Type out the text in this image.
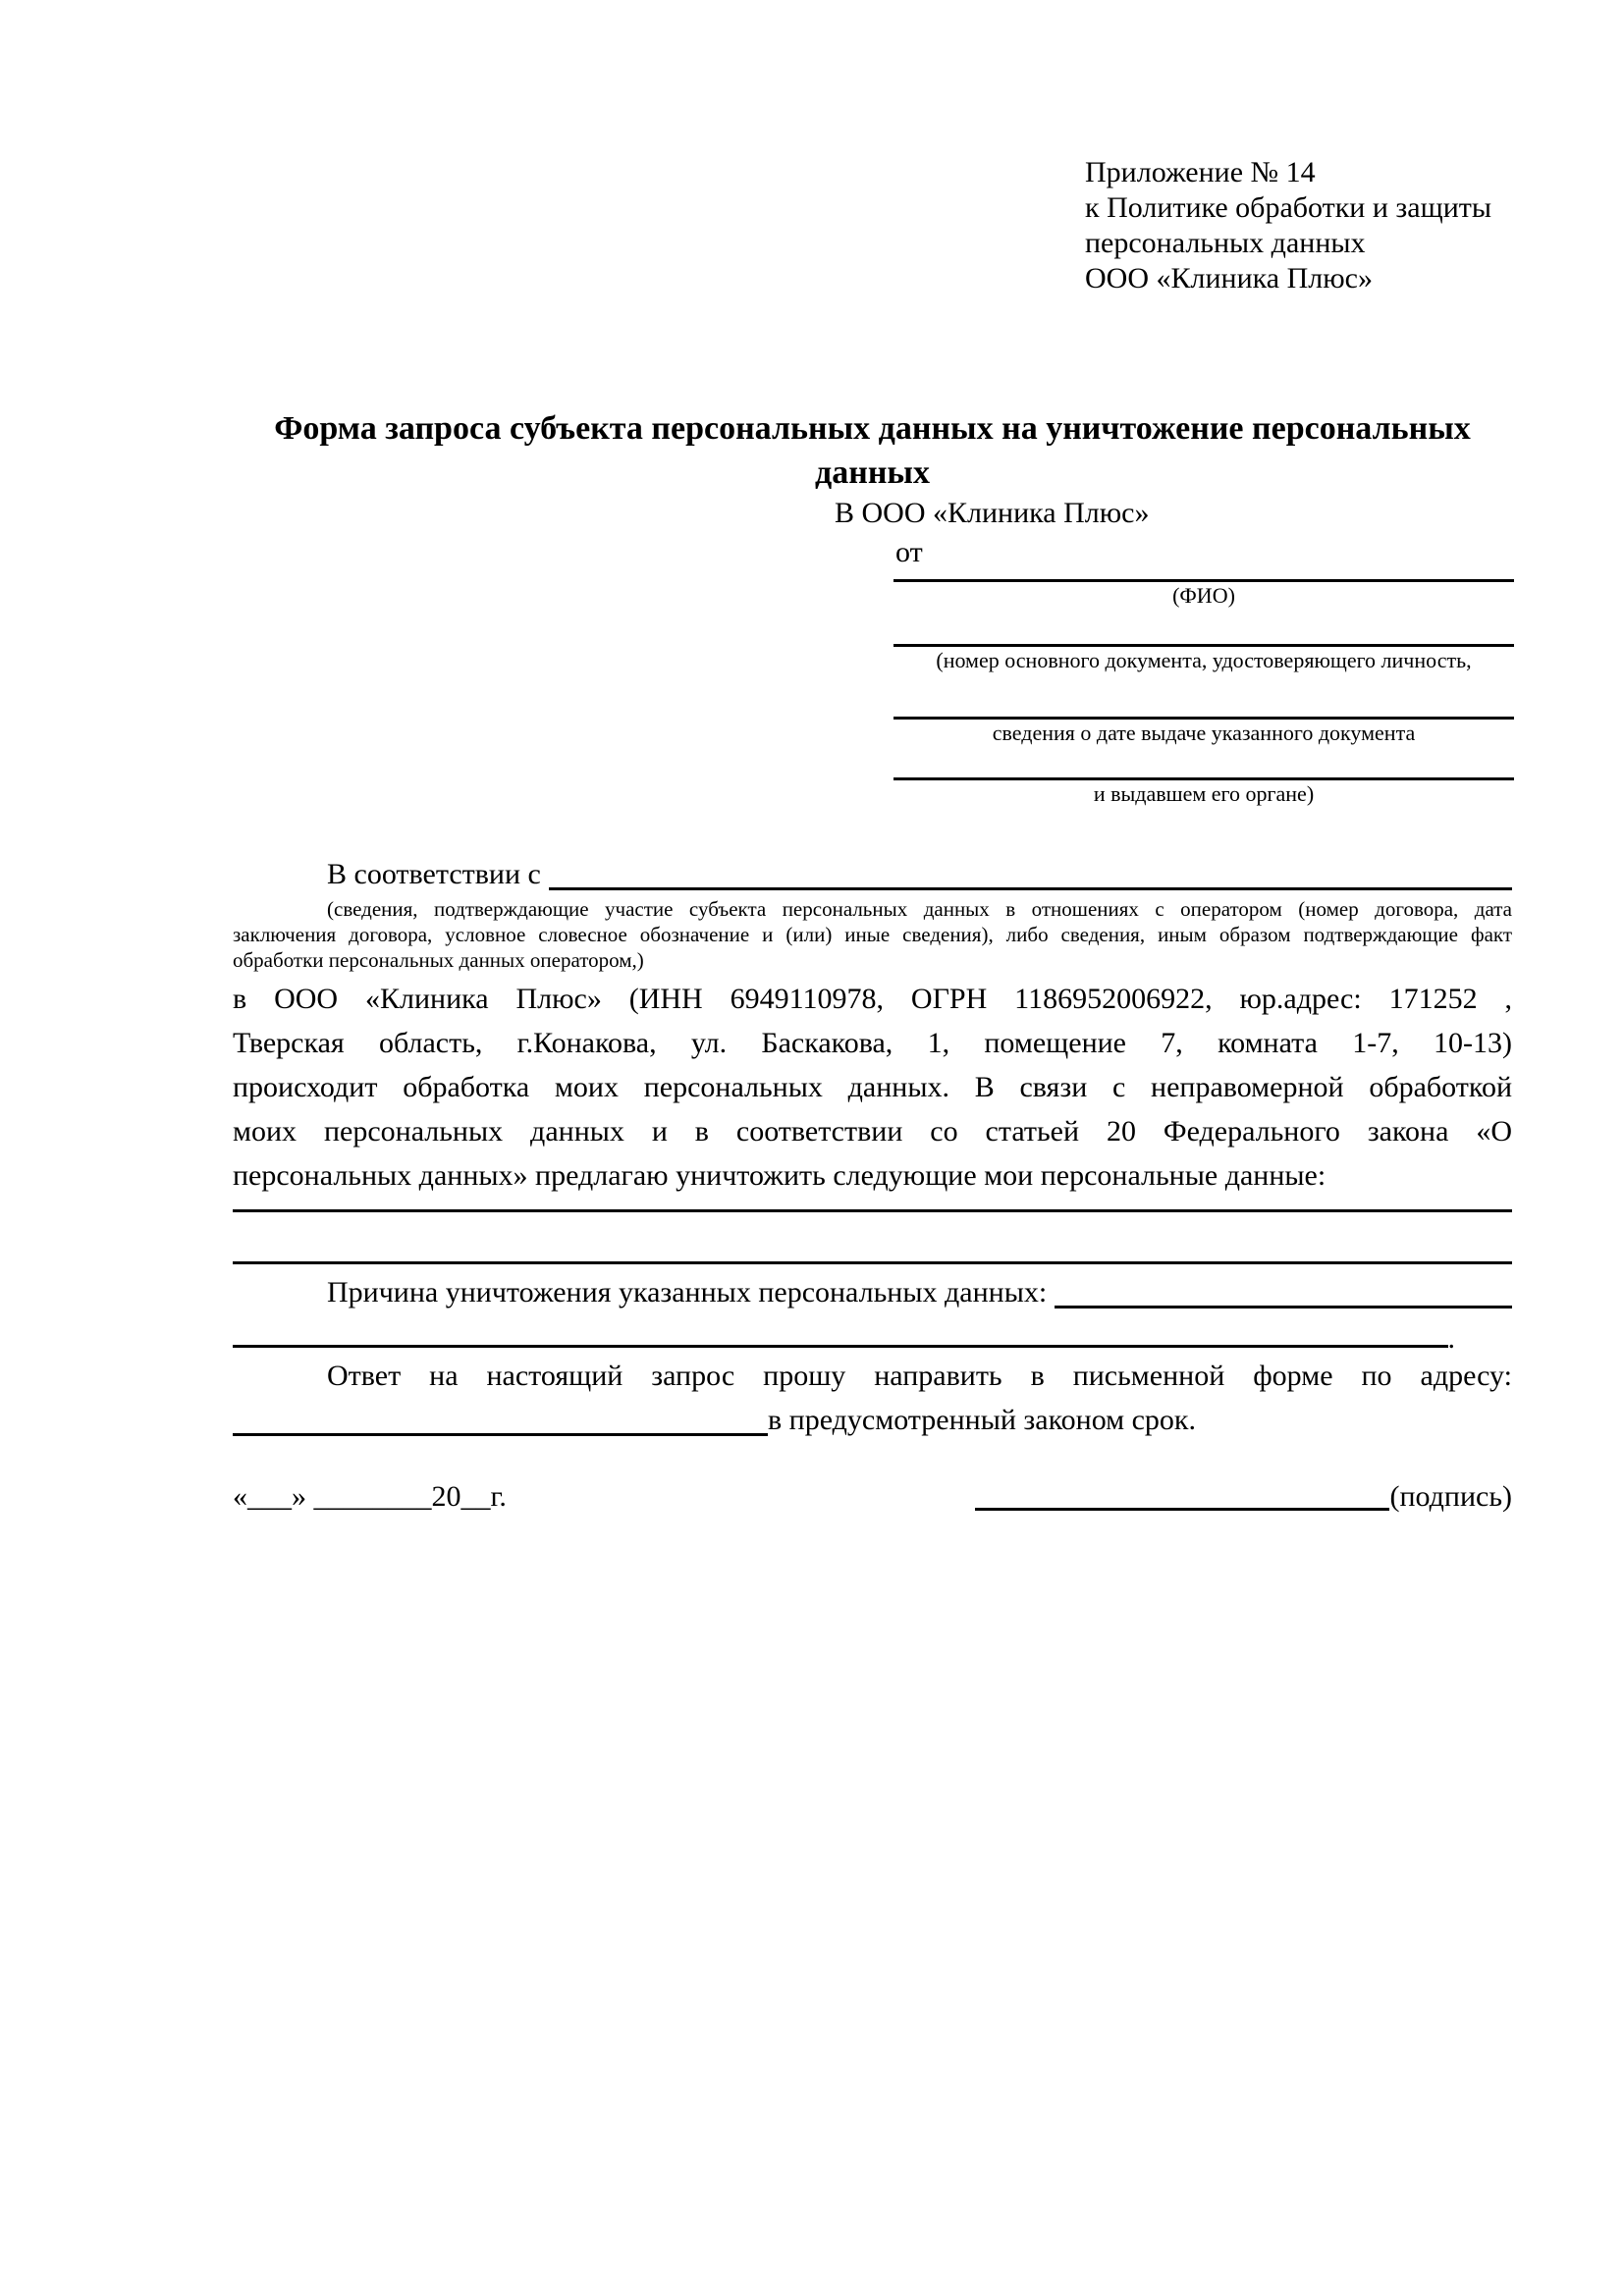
Приложение № 14
к Политике обработки и защиты
персональных данных
ООО «Клиника Плюс»
Форма запроса субъекта персональных данных на уничтожение персональных данных
В ООО «Клиника Плюс»
от
(ФИО)
(номер основного документа, удостоверяющего личность,
сведения о дате выдаче указанного документа
и выдавшем его органе)
В соответствии с
(сведения, подтверждающие участие субъекта персональных данных в отношениях с оператором (номер договора, дата
заключения договора, условное словесное обозначение и (или) иные сведения), либо сведения, иным образом подтверждающие факт
обработки персональных данных оператором,)
в ООО «Клиника Плюс» (ИНН 6949110978, ОГРН 1186952006922, юр.адрес: 171252 ,
Тверская область, г.Конакова, ул. Баскакова, 1, помещение 7, комната 1-7, 10-13)
происходит обработка моих персональных данных. В связи с неправомерной обработкой
моих персональных данных и в соответствии со статьей 20 Федерального закона «О
персональных данных» предлагаю уничтожить следующие мои персональные данные:
Причина уничтожения указанных персональных данных:
.
Ответ на настоящий запрос прошу направить в письменной форме по адресу:
в предусмотренный законом срок.
«___» ________20__г.	(подпись)
